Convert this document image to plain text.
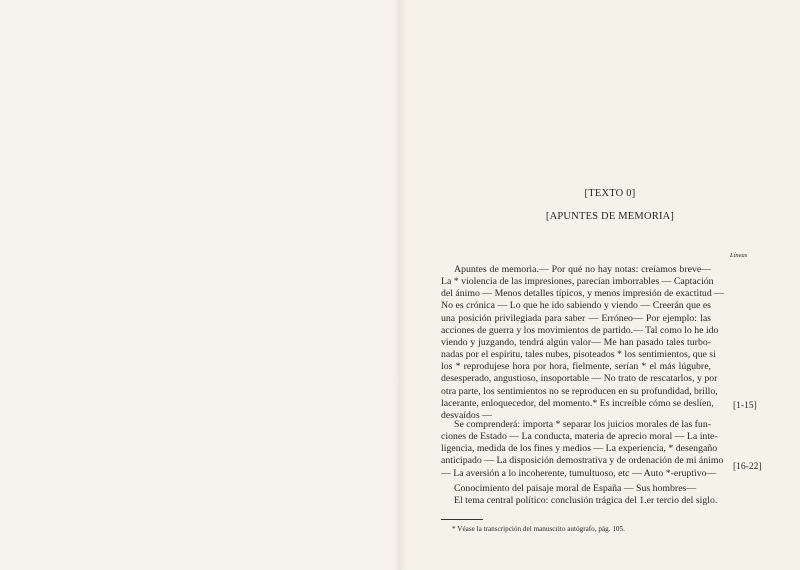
[TEXTO 0]
[APUNTES DE MEMORIA]
Líneas
Apuntes de memoria.— Por qué no hay notas: creíamos breve—
La * violencia de las impresiones, parecían imborrables — Captación
del ánimo — Menos detalles típicos, y menos impresión de exactitud —
No es crónica — Lo que he ido sabiendo y viendo — Creerán que es
una posición privilegiada para saber — Erróneo— Por ejemplo: las
acciones de guerra y los movimientos de partido.— Tal como lo he ido
viendo y juzgando, tendrá algún valor— Me han pasado tales turbo-
nadas por el espíritu, tales nubes, pisoteados * los sentimientos, que si
los * reprodujese hora por hora, fielmente, serían * el más lúgubre,
desesperado, angustioso, insoportable — No trato de rescatarlos, y por
otra parte, los sentimientos no se reproducen en su profundidad, brillo,
lacerante, enloquecedor, del momento.* Es increíble cómo se deslíen,
desvaídos —
[1-15]
Se comprenderá: importa * separar los juicios morales de las fun-
ciones de Estado — La conducta, materia de aprecio moral — La inte-
ligencia, medida de los fines y medios — La experiencia, * desengaño
anticipado — La disposición demostrativa y de ordenación de mi ánimo
— La aversión a lo incoherente, tumultuoso, etc — Auto *-eruptivo—
[16-22]
Conocimiento del paisaje moral de España — Sus hombres—
El tema central político: conclusión trágica del 1.er tercio del siglo.
* Véase la transcripción del manuscrito autógrafo, pág. 105.
